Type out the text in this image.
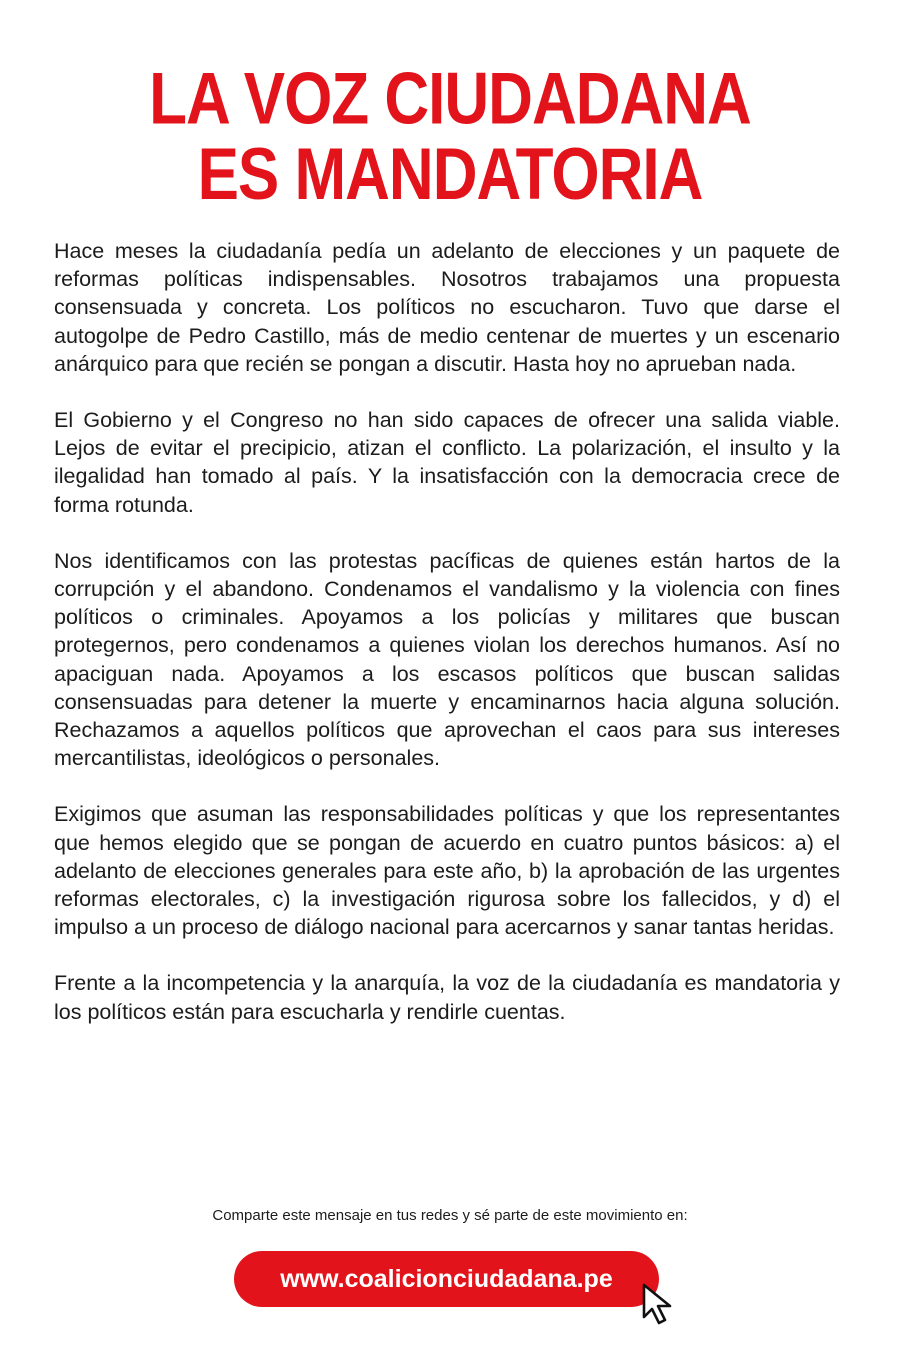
LA VOZ CIUDADANA
ES MANDATORIA

Hace meses la ciudadanía pedía un adelanto de elecciones y un paquete de reformas políticas indispensables. Nosotros trabajamos una propuesta consensuada y concreta. Los políticos no escucharon. Tuvo que darse el autogolpe de Pedro Castillo, más de medio centenar de muertes y un escenario anárquico para que recién se pongan a discutir. Hasta hoy no aprueban nada.

El Gobierno y el Congreso no han sido capaces de ofrecer una salida viable. Lejos de evitar el precipicio, atizan el conflicto. La polarización, el insulto y la ilegalidad han tomado al país. Y la insatisfacción con la democracia crece de forma rotunda.

Nos identificamos con las protestas pacíficas de quienes están hartos de la corrupción y el abandono. Condenamos el vandalismo y la violencia con fines políticos o criminales. Apoyamos a los policías y militares que buscan protegernos, pero condenamos a quienes violan los derechos humanos. Así no apaciguan nada. Apoyamos a los escasos políticos que buscan salidas consensuadas para detener la muerte y encaminarnos hacia alguna solución. Rechazamos a aquellos políticos que aprovechan el caos para sus intereses mercantilistas, ideológicos o personales.

Exigimos que asuman las responsabilidades políticas y que los representantes que hemos elegido que se pongan de acuerdo en cuatro puntos básicos: a) el adelanto de elecciones generales para este año, b) la aprobación de las urgentes reformas electorales, c) la investigación rigurosa sobre los fallecidos, y d) el impulso a un proceso de diálogo nacional para acercarnos y sanar tantas heridas.

Frente a la incompetencia y la anarquía, la voz de la ciudadanía es mandatoria y los políticos están para escucharla y rendirle cuentas.

Comparte este mensaje en tus redes y sé parte de este movimiento en:
www.coalicionciudadana.pe
